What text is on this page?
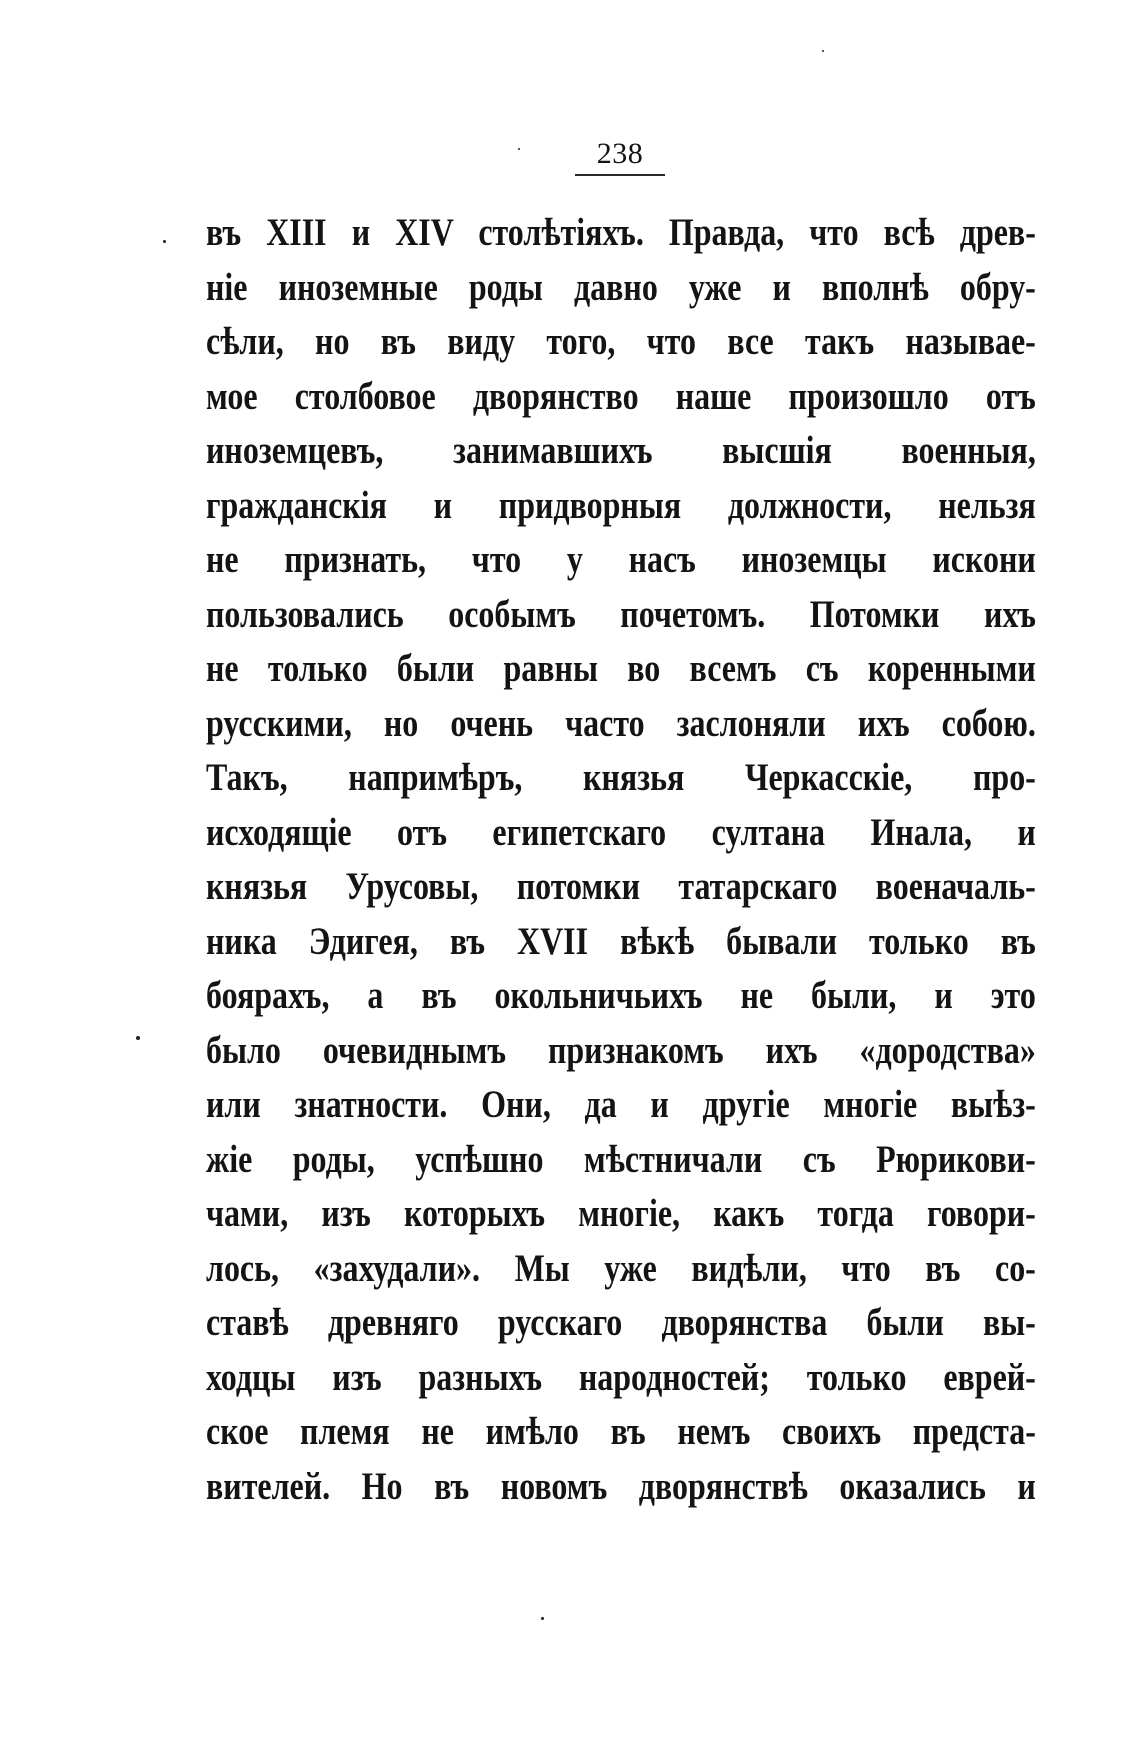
238
въ XIII и XIV столѣтіяхъ. Правда, что всѣ древ-
ніе иноземные роды давно уже и вполнѣ обру-
сѣли, но въ виду того, что все такъ называе-
мое столбовое дворянство наше произошло отъ
иноземцевъ, занимавшихъ высшія военныя,
гражданскія и придворныя должности, нельзя
не признать, что у насъ иноземцы искони
пользовались особымъ почетомъ. Потомки ихъ
не только были равны во всемъ съ коренными
русскими, но очень часто заслоняли ихъ собою.
Такъ, напримѣръ, князья Черкасскіе, про-
исходящіе отъ египетскаго султана Инала, и
князья Урусовы, потомки татарскаго военачаль-
ника Эдигея, въ XVII вѣкѣ бывали только въ
боярахъ, а въ окольничьихъ не были, и это
было очевиднымъ признакомъ ихъ «дородства»
или знатности. Они, да и другіе многіе выѣз-
жіе роды, успѣшно мѣстничали съ Рюрикови-
чами, изъ которыхъ многіе, какъ тогда говори-
лось, «захудали». Мы уже видѣли, что въ со-
ставѣ древняго русскаго дворянства были вы-
ходцы изъ разныхъ народностей; только еврей-
ское племя не имѣло въ немъ своихъ предста-
вителей. Но въ новомъ дворянствѣ оказались и
